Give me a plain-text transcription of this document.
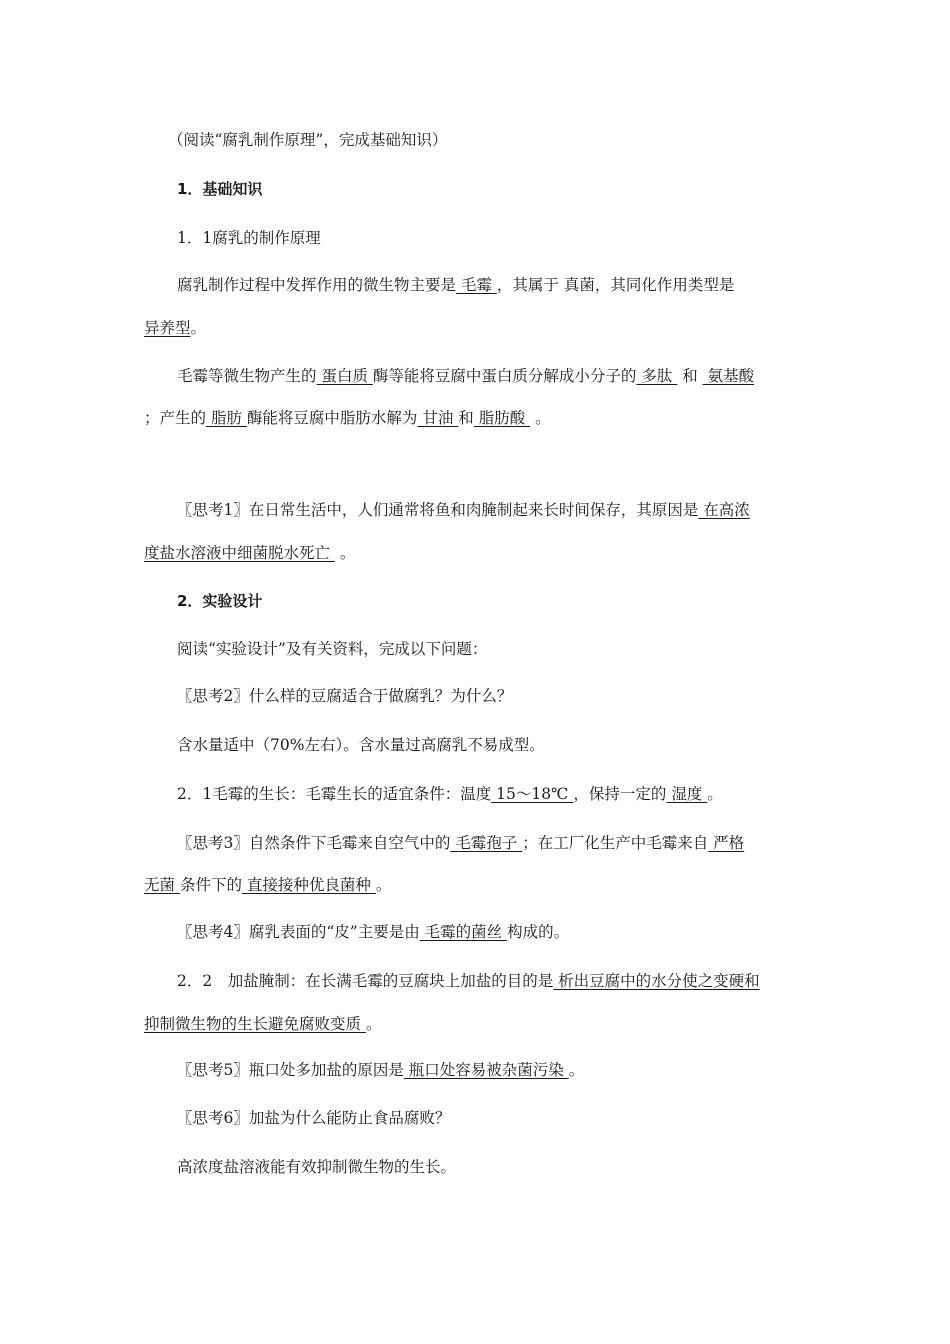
（阅读“腐乳制作原理”，完成基础知识）
1．基础知识
1．1腐乳的制作原理
腐乳制作过程中发挥作用的微生物主要是 毛霉 ，其属于 真菌，其同化作用类型是
异养型。
毛霉等微生物产生的 蛋白质 酶等能将豆腐中蛋白质分解成小分子的 多肽  和  氨基酸
；产生的 脂肪 酶能将豆腐中脂肪水解为 甘油 和 脂肪酸  。
〖思考1〗在日常生活中，人们通常将鱼和肉腌制起来长时间保存，其原因是 在高浓
度盐水溶液中细菌脱水死亡  。
2．实验设计
阅读“实验设计”及有关资料，完成以下问题：
〖思考2〗什么样的豆腐适合于做腐乳？为什么？
含水量适中（70%左右）。含水量过高腐乳不易成型。
2．1毛霉的生长：毛霉生长的适宜条件：温度 15～18℃ ，保持一定的 湿度 。
〖思考3〗自然条件下毛霉来自空气中的 毛霉孢子 ；在工厂化生产中毛霉来自 严格
无菌 条件下的 直接接种优良菌种 。
〖思考4〗腐乳表面的“皮”主要是由 毛霉的菌丝 构成的。
2．2　加盐腌制：在长满毛霉的豆腐块上加盐的目的是 析出豆腐中的水分使之变硬和
抑制微生物的生长避免腐败变质 。
〖思考5〗瓶口处多加盐的原因是 瓶口处容易被杂菌污染 。
〖思考6〗加盐为什么能防止食品腐败？
高浓度盐溶液能有效抑制微生物的生长。
